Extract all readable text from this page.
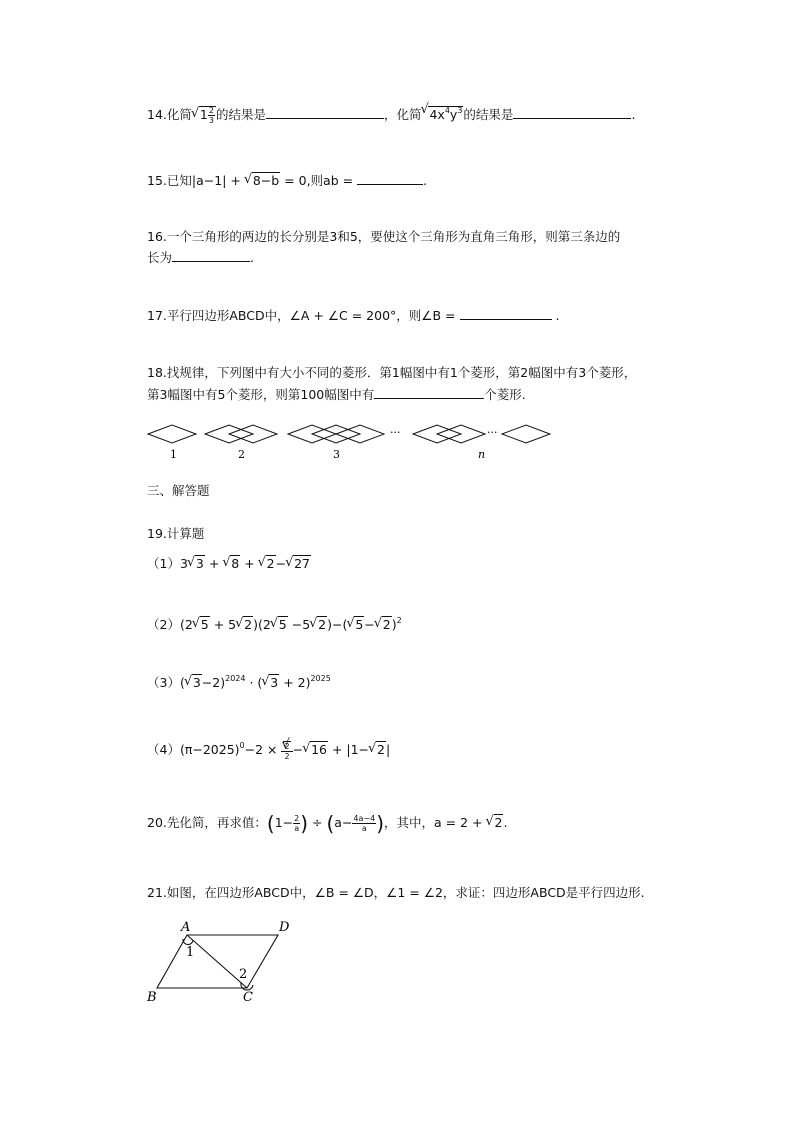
14.化简 √ $1 \frac{2}{3}$ 的结果是	，化简 √ $4x^4y^3$的结果是	.
15.已知|a−1| + √ 8−b = 0,则ab =	.
16.一个三角形的两边的长分别是3和5，要使这个三角形为直角三角形，则第三条边的
长为	.
17.平行四边形ABCD中，∠A + ∠C = 200°，则∠B =	.
18.找规律，下列图中有大小不同的菱形．第1幅图中有1个菱形，第2幅图中有3个菱形，
第3幅图中有5个菱形，则第100幅图中有	个菱形.
···	···
1	2	3	n
三、解答题
19.计算题
（1）3 √ 3 + √ 8 + √ 2− √ 27
（2）(2 √ 5 + 5 √ 2)(2 √ 5 −5 √ 2)−( √ 5− √ 2)$^2$
（3）( √ 3−2)$^{2024}$ · ( √ 3 + 2)$^{2025}$
$(4)(\pi-2025)^0-2$ × √ $\frac{2}{2}$ − √ 16 + |1− √ 2|
20.先化简，再求值：($1- \frac{2}{a}$ ) ÷ ($a- \frac{4a-4}{a}$ )，其中，a = 2 + √ 2.
21.如图，在四边形ABCD中，∠B = ∠D，∠1 = ∠2，求证：四边形ABCD是平行四边形.
A	D
B	C
1
2
